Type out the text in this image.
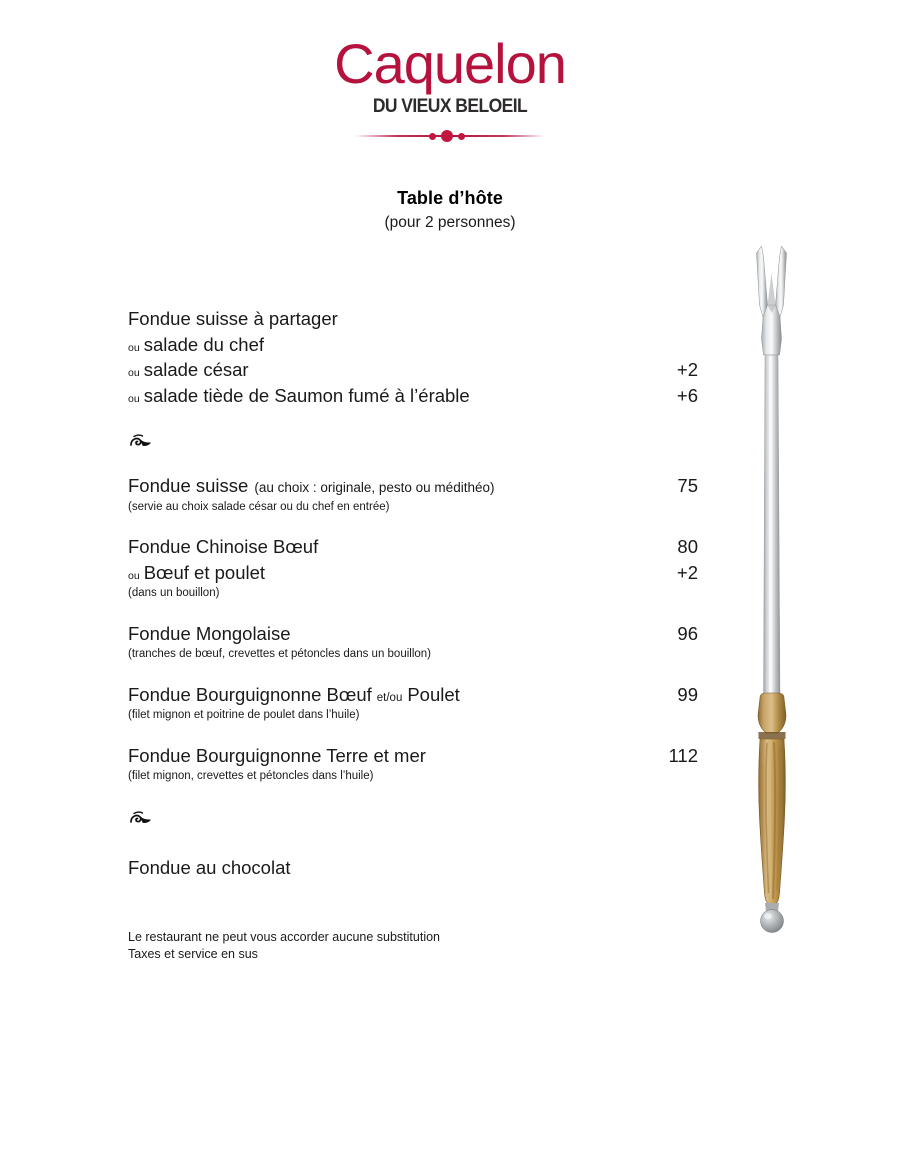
Caquelon
DU VIEUX BELOEIL
Table d’hôte
(pour 2 personnes)
Fondue suisse à partager
ou salade du chef
ou salade césar	+2
ou salade tiède de Saumon fumé à l’érable	+6
Fondue suisse (au choix : originale, pesto ou médithéo)	75
(servie au choix salade césar ou du chef en entrée)
Fondue Chinoise Bœuf	80
ou Bœuf et poulet	+2
(dans un bouillon)
Fondue Mongolaise	96
(tranches de bœuf, crevettes et pétoncles dans un bouillon)
Fondue Bourguignonne Bœuf et/ou Poulet	99
(filet mignon et poitrine de poulet dans l’huile)
Fondue Bourguignonne Terre et mer	112
(filet mignon, crevettes et pétoncles dans l’huile)
Fondue au chocolat
Le restaurant ne peut vous accorder aucune substitution
Taxes et service en sus
